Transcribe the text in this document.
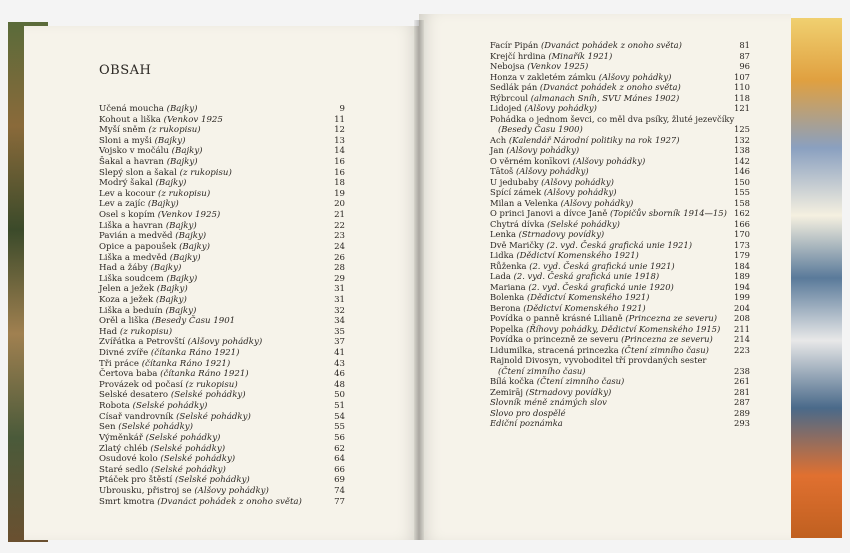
OBSAH
Učená moucha (Bajky)	9
Kohout a liška (Venkov 1925	11
Myší sněm (z rukopisu)	12
Sloni a myši (Bajky)	13
Vojsko v močálu (Bajky)	14
Šakal a havran (Bajky)	16
Slepý slon a šakal (z rukopisu)	16
Modrý šakal (Bajky)	18
Lev a kocour (z rukopisu)	19
Lev a zajíc (Bajky)	20
Osel s kopím (Venkov 1925)	21
Liška a havran (Bajky)	22
Pavián a medvěd (Bajky)	23
Opice a papoušek (Bajky)	24
Liška a medvěd (Bajky)	26
Had a žáby (Bajky)	28
Liška soudcem (Bajky)	29
Jelen a ježek (Bajky)	31
Koza a ježek (Bajky)	31
Liška a beduín (Bajky)	32
Orěl a liška (Besedy Času 1901	34
Had (z rukopisu)	35
Zvířátka a Petrovští (Alšovy pohádky)	37
Divné zvíře (čítanka Ráno 1921)	41
Tři práce (čítanka Ráno 1921)	43
Čertova baba (čítanka Ráno 1921)	46
Provázek od počasí (z rukopisu)	48
Selské desatero (Selské pohádky)	50
Robota (Selské pohádky)	51
Císař vandrovník (Selské pohádky)	54
Sen (Selské pohádky)	55
Výměnkář (Selské pohádky)	56
Zlatý chléb (Selské pohádky)	62
Osudové kolo (Selské pohádky)	64
Staré sedlo (Selské pohádky)	66
Ptáček pro štěstí (Selské pohádky)	69
Ubrousku, přistroj se (Alšovy pohádky)	74
Smrt kmotra (Dvanáct pohádek z onoho světa)	77
Facír Pipán (Dvanáct pohádek z onoho světa)	81
Krejčí hrdina (Minařík 1921)	87
Nebojsa (Venkov 1925)	96
Honza v zakletém zámku (Alšovy pohádky)	107
Sedlák pán (Dvanáct pohádek z onoho světa)	110
Rýbrcoul (almanach Sníh, SVU Mánes 1902)	118
Lidojed (Alšovy pohádky)	121
Pohádka o jednom ševci, co měl dva psíky, žluté jezevčíky
(Besedy Času 1900)	125
Ach (Kalendář Národní politiky na rok 1927)	132
Jan (Alšovy pohádky)	138
O věrném konīkovi (Alšovy pohádky)	142
Tātoš (Alšovy pohádky)	146
U jedubaby (Alšovy pohádky)	150
Spící zámek (Alšovy pohádky)	155
Milan a Velenka (Alšovy pohádky)	158
O princi Janovi a dívce Janě (Topičův sborník 1914—15) 162
Chytrá dívka (Selské pohádky)	166
Lenka (Strnadovy povídky)	170
Dvě Maričky (2. vyd. Česká grafická unie 1921)	173
Lidka (Dědictví Komenského 1921)	179
Růženka (2. vyd. Česká grafická unie 1921)	184
Lada (2. vyd. Česká grafická unie 1918)	189
Mariana (2. vyd. Česká grafická unie 1920)	194
Bolenka (Dědictví Komenského 1921)	199
Berona (Dědictví Komenského 1921)	204
Povídka o panně krásné Lilianě (Princezna ze severu) 208
Popelka (Říhovy pohádky, Dědictví Komenského 1915) 211
Povídka o princezně ze severu (Princezna ze severu)	214
Lidumilka, stracená princezka (Čtení zimního času)	223
Rajnold Divosyn, vyvoboditel tří provdaných sester
(Čtení zimního času)	238
Bílá kočka (Čtení zimního času)	261
Zemirāj (Strnadovy povídky)	281
Slovník méně známých slov	287
Slovo pro dospělé	289
Ediční poznámka	293
